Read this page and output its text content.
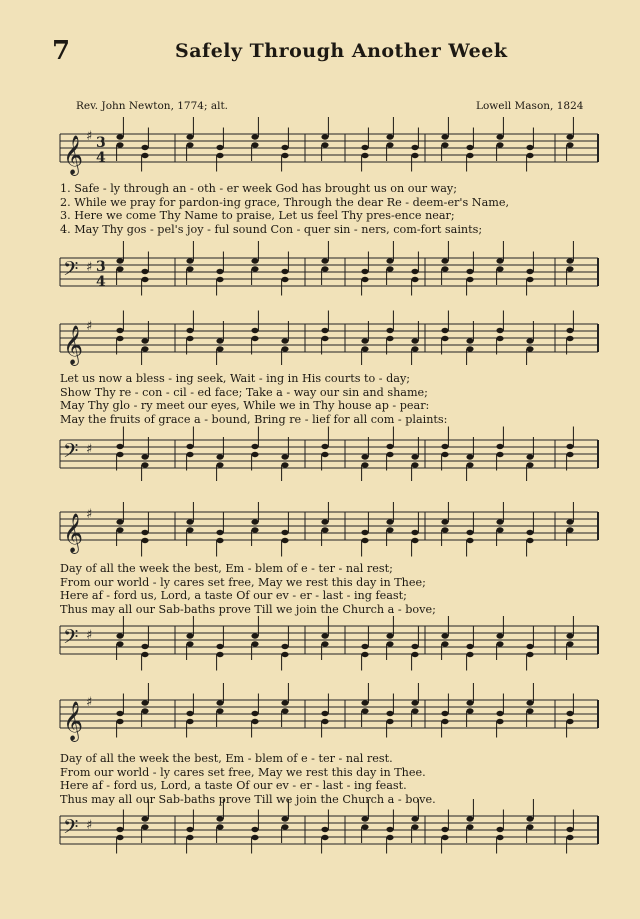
7	Safely Through Another Week
Rev. John Newton, 1774; alt.	Lowell Mason, 1824
𝄞 ♯ 3
4
1. Safe - ly through an - oth - er week God has brought us on our way;
2. While we pray for pardon-ing grace, Through the dear Re - deem-er's Name,
3. Here we come Thy Name to praise, Let us feel Thy pres-ence near;
4. May Thy gos - pel's joy - ful sound Con - quer sin - ners, com-fort saints;
𝄢 ♯ 3
4
𝄞 ♯
Let us now a bless - ing seek, Wait - ing in His courts to - day;
Show Thy re - con - cil - ed face; Take a - way our sin and shame;
May Thy glo - ry meet our eyes, While we in Thy house ap - pear:
May the fruits of grace a - bound, Bring re - lief for all com - plaints:
𝄢 ♯
𝄞 ♯
Day of all the week the best, Em - blem of e - ter - nal rest;
From our world - ly cares set free, May we rest this day in Thee;
Here af - ford us, Lord, a taste Of our ev - er - last - ing feast;
Thus may all our Sab-baths prove Till we join the Church a - bove;
𝄢 ♯
𝄞 ♯
Day of all the week the best, Em - blem of e - ter - nal rest.
From our world - ly cares set free, May we rest this day in Thee.
Here af - ford us, Lord, a taste Of our ev - er - last - ing feast.
Thus may all our Sab-baths prove Till we join the Church a - bove.
𝄢 ♯
